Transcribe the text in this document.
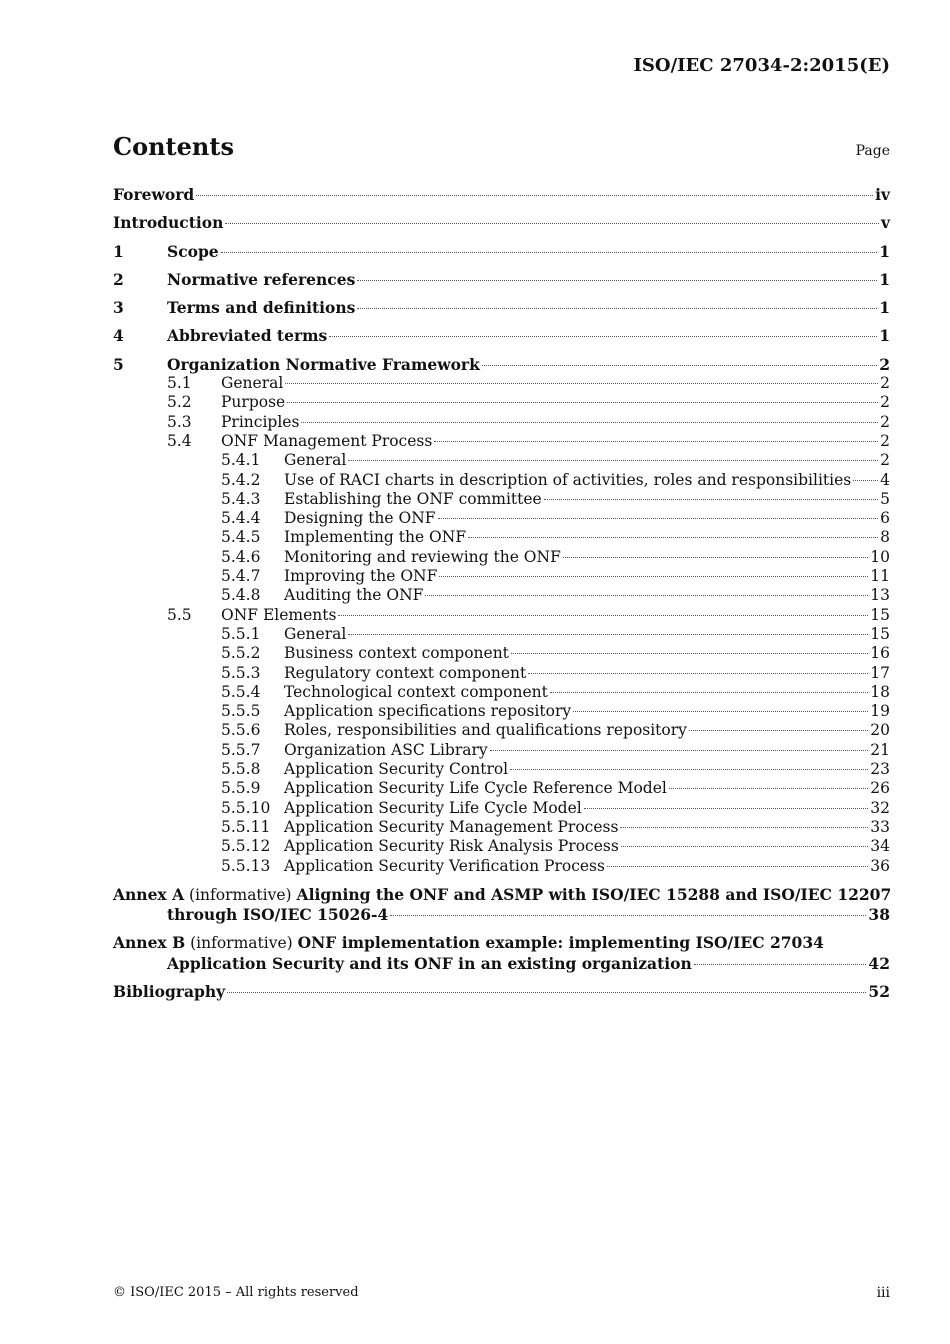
ISO/IEC 27034-2:2015(E)
Contents	Page
Foreword	iv
Introduction	v
1	Scope	1
2	Normative references	1
3	Terms and definitions	1
4	Abbreviated terms	1
5	Organization Normative Framework	2
5.1	General	2
5.2	Purpose	2
5.3	Principles	2
5.4	ONF Management Process	2
5.4.1	General	2
5.4.2	Use of RACI charts in description of activities, roles and responsibilities 4
5.4.3	Establishing the ONF committee	5
5.4.4	Designing the ONF	6
5.4.5	Implementing the ONF	8
5.4.6	Monitoring and reviewing the ONF	10
5.4.7	Improving the ONF	11
5.4.8	Auditing the ONF	13
5.5	ONF Elements	15
5.5.1	General	15
5.5.2	Business context component	16
5.5.3	Regulatory context component	17
5.5.4	Technological context component	18
5.5.5	Application specifications repository	19
5.5.6	Roles, responsibilities and qualifications repository	20
5.5.7	Organization ASC Library	21
5.5.8	Application Security Control	23
5.5.9	Application Security Life Cycle Reference Model	26
5.5.10 Application Security Life Cycle Model	32
5.5.11 Application Security Management Process	33
5.5.12 Application Security Risk Analysis Process	34
5.5.13 Application Security Verification Process	36
Annex A (informative) Aligning the ONF and ASMP with ISO/IEC 15288 and ISO/IEC 12207
through ISO/IEC 15026-4	38
Annex B (informative) ONF implementation example: implementing ISO/IEC 27034
Application Security and its ONF in an existing organization	42
Bibliography	52
© ISO/IEC 2015 – All rights reserved	iii
